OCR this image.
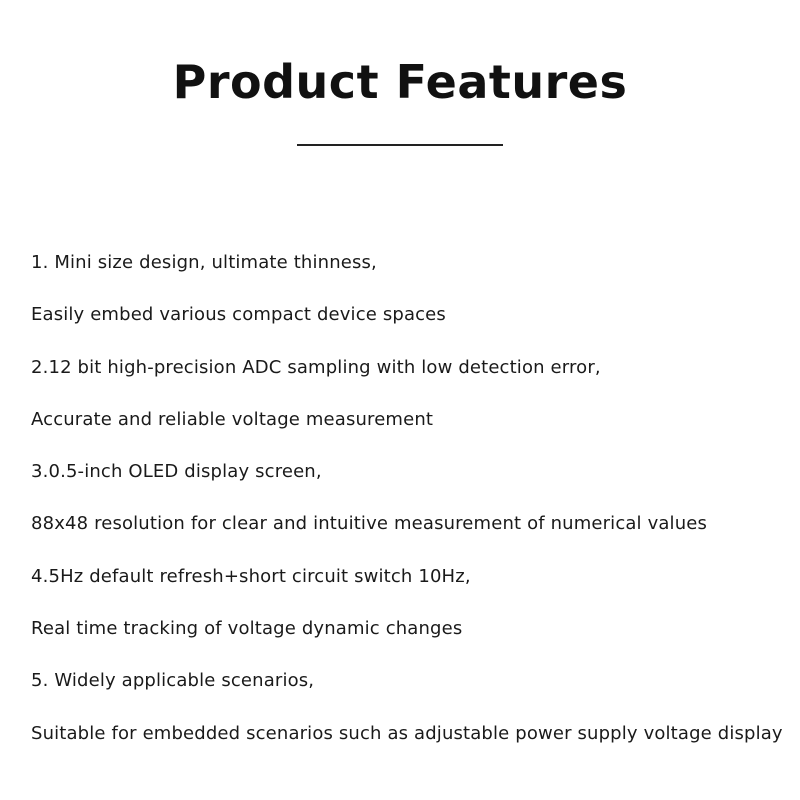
Product Features
1. Mini size design, ultimate thinness,
Easily embed various compact device spaces
2.12 bit high-precision ADC sampling with low detection error,
Accurate and reliable voltage measurement
3.0.5-inch OLED display screen,
88x48 resolution for clear and intuitive measurement of numerical values
4.5Hz default refresh+short circuit switch 10Hz,
Real time tracking of voltage dynamic changes
5. Widely applicable scenarios,
Suitable for embedded scenarios such as adjustable power supply voltage display
